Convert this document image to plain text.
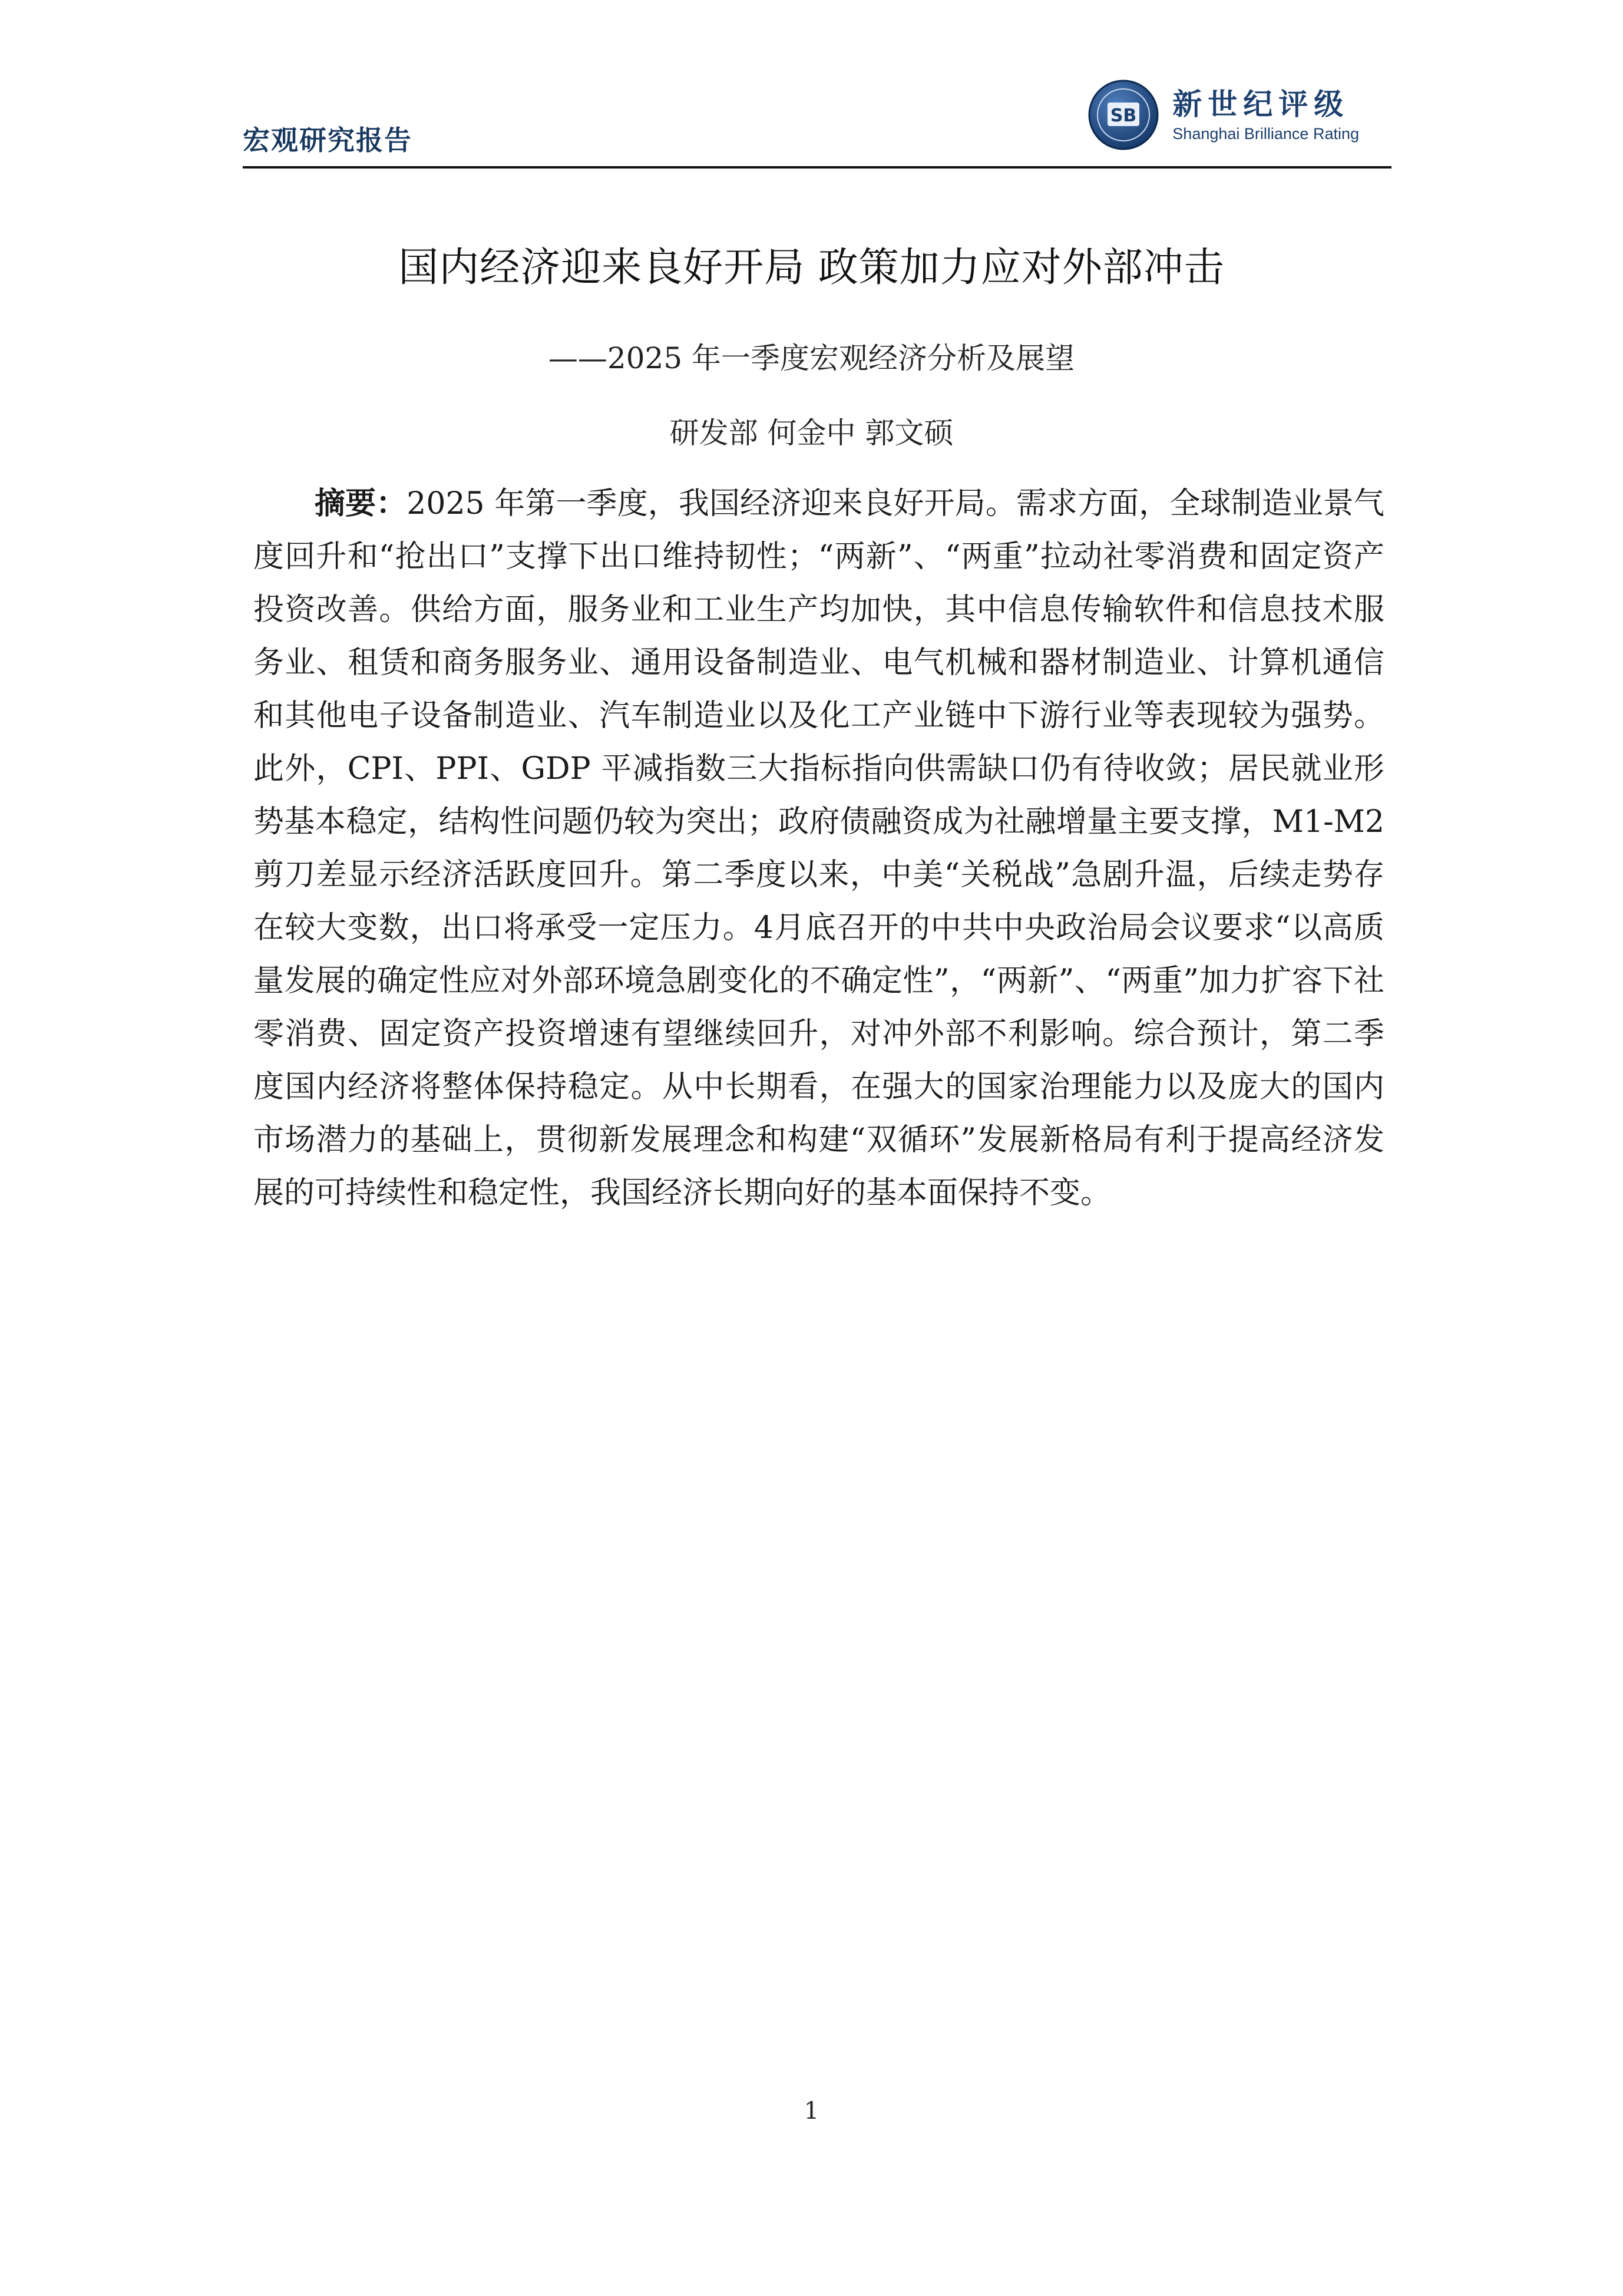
宏观研究报告
SB 新世纪评级
Shanghai Brilliance Rating
国内经济迎来良好开局 政策加力应对外部冲击
——2025 年一季度宏观经济分析及展望
研发部 何金中 郭文硕

摘要：2025 年第一季度，我国经济迎来良好开局。需求方面，全球制造业景气度回升和“抢出口”支撑下出口维持韧性；“两新”、“两重”拉动社零消费和固定资产投资改善。供给方面，服务业和工业生产均加快，其中信息传输软件和信息技术服务业、租赁和商务服务业、通用设备制造业、电气机械和器材制造业、计算机通信和其他电子设备制造业、汽车制造业以及化工产业链中下游行业等表现较为强势。此外，CPI、PPI、GDP 平减指数三大指标指向供需缺口仍有待收敛；居民就业形势基本稳定，结构性问题仍较为突出；政府债融资成为社融增量主要支撑，M1-M2 剪刀差显示经济活跃度回升。第二季度以来，中美“关税战”急剧升温，后续走势存在较大变数，出口将承受一定压力。4月底召开的中共中央政治局会议要求“以高质量发展的确定性应对外部环境急剧变化的不确定性”，“两新”、“两重”加力扩容下社零消费、固定资产投资增速有望继续回升，对冲外部不利影响。综合预计，第二季度国内经济将整体保持稳定。从中长期看，在强大的国家治理能力以及庞大的国内市场潜力的基础上，贯彻新发展理念和构建“双循环”发展新格局有利于提高经济发展的可持续性和稳定性，我国经济长期向好的基本面保持不变。

1
